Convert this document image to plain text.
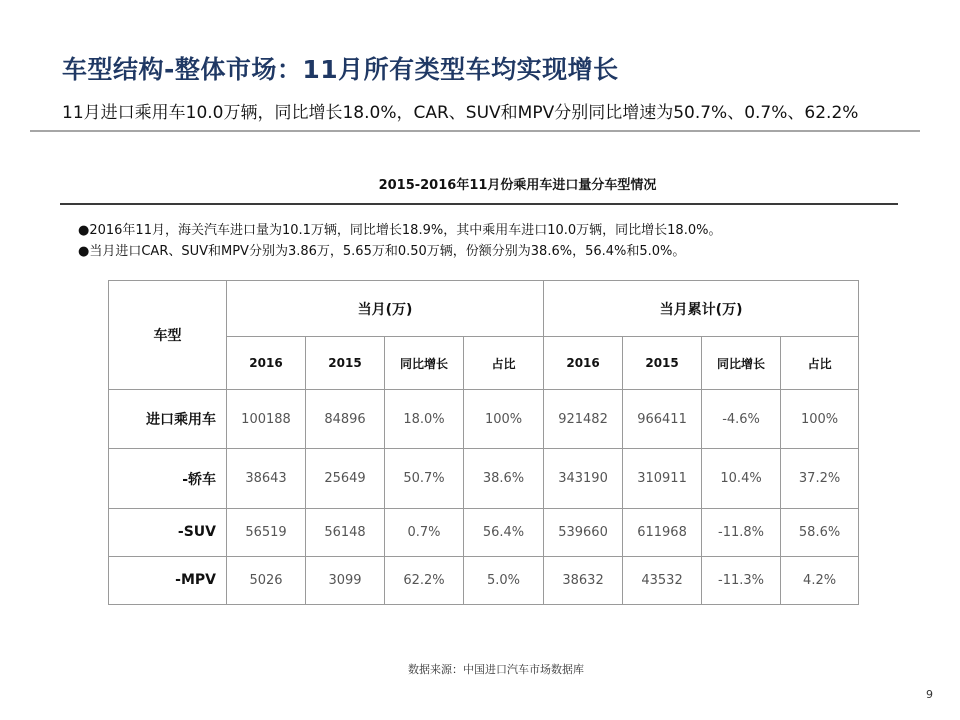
车型结构-整体市场：11月所有类型车均实现增长
11月进口乘用车10.0万辆，同比增长18.0%，CAR、SUV和MPV分别同比增速为50.7%、0.7%、62.2%
2015-2016年11月份乘用车进口量分车型情况
●2016年11月，海关汽车进口量为10.1万辆，同比增长18.9%，其中乘用车进口10.0万辆，同比增长18.0%。
●当月进口CAR、SUV和MPV分别为3.86万，5.65万和0.50万辆，份额分别为38.6%，56.4%和5.0%。
车型	当月(万)				当月累计(万)			
	2016	2015	同比增长	占比	2016	2015	同比增长	占比
进口乘用车	100188	84896	18.0%	100%	921482	966411	-4.6%	100%
-轿车	38643	25649	50.7%	38.6%	343190	310911	10.4%	37.2%
-SUV	56519	56148	0.7%	56.4%	539660	611968	-11.8%	58.6%
-MPV	5026	3099	62.2%	5.0%	38632	43532	-11.3%	4.2%
数据来源：中国进口汽车市场数据库
9
